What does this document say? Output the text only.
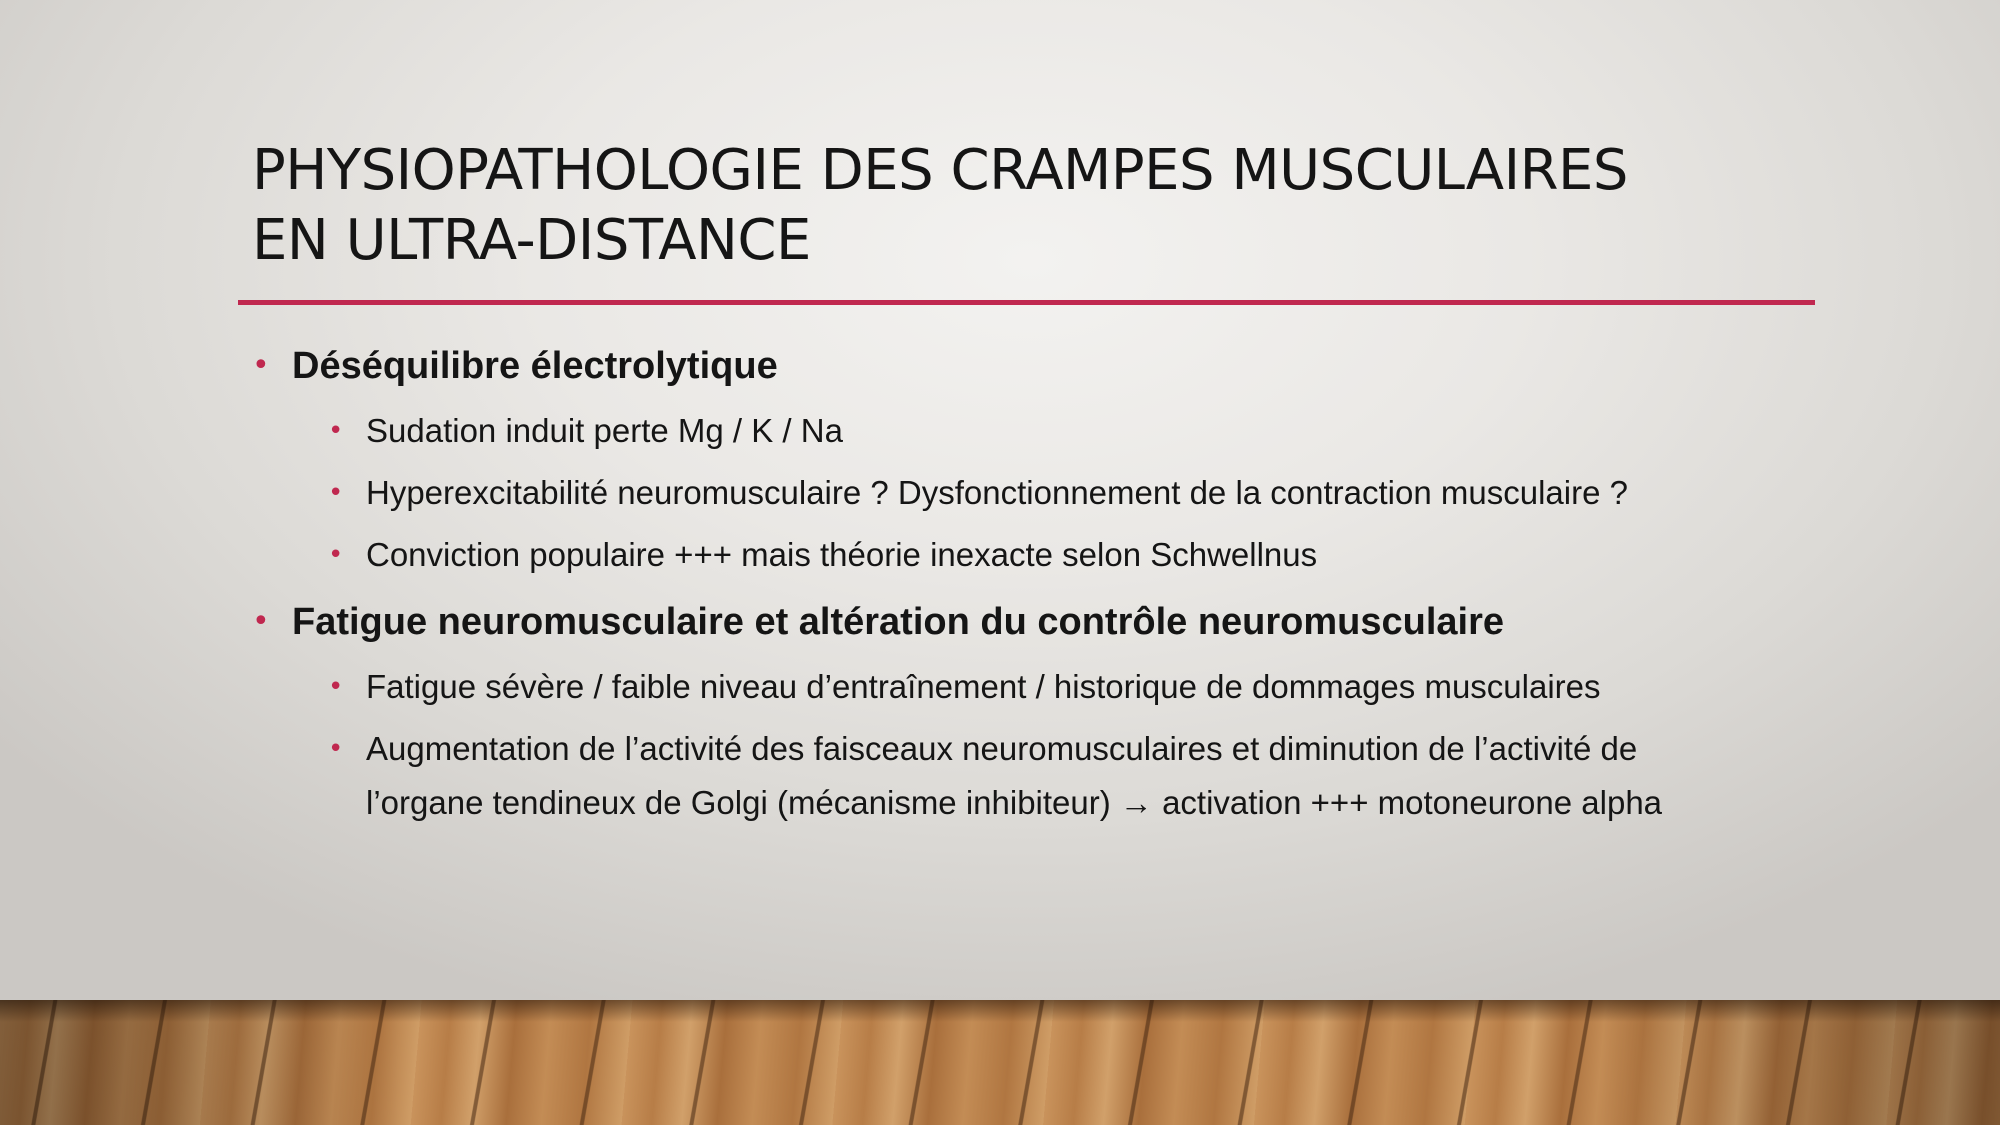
PHYSIOPATHOLOGIE DES CRAMPES MUSCULAIRES
EN ULTRA-DISTANCE
• Déséquilibre électrolytique
• Sudation induit perte Mg / K / Na
• Hyperexcitabilité neuromusculaire ? Dysfonctionnement de la contraction musculaire ?
• Conviction populaire +++ mais théorie inexacte selon Schwellnus
• Fatigue neuromusculaire et altération du contrôle neuromusculaire
• Fatigue sévère / faible niveau d’entraînement / historique de dommages musculaires
• Augmentation de l’activité des faisceaux neuromusculaires et diminution de l’activité de
l’organe tendineux de Golgi (mécanisme inhibiteur) → activation +++ motoneurone alpha
